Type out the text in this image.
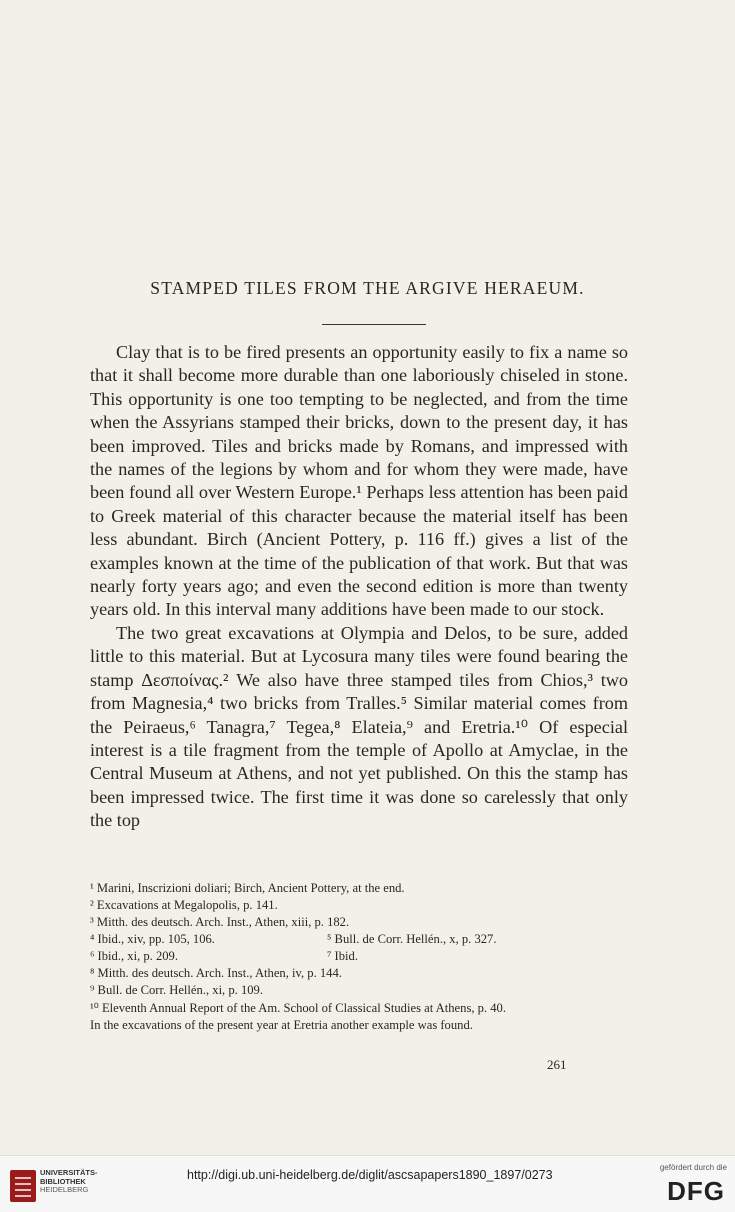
STAMPED TILES FROM THE ARGIVE HERAEUM.

Clay that is to be fired presents an opportunity easily to fix a name so that it shall become more durable than one laboriously chiseled in stone. This opportunity is one too tempting to be neglected, and from the time when the Assyrians stamped their bricks, down to the present day, it has been improved. Tiles and bricks made by Romans, and impressed with the names of the legions by whom and for whom they were made, have been found all over Western Europe.¹ Perhaps less attention has been paid to Greek material of this character because the material itself has been less abundant. Birch (Ancient Pottery, p. 116 ff.) gives a list of the examples known at the time of the publication of that work. But that was nearly forty years ago; and even the second edition is more than twenty years old. In this interval many additions have been made to our stock.

The two great excavations at Olympia and Delos, to be sure, added little to this material. But at Lycosura many tiles were found bearing the stamp Δεσποίνας.² We also have three stamped tiles from Chios,³ two from Magnesia,⁴ two bricks from Tralles.⁵ Similar material comes from the Peiraeus,⁶ Tanagra,⁷ Tegea,⁸ Elateia,⁹ and Eretria.¹⁰ Of especial interest is a tile fragment from the temple of Apollo at Amyclae, in the Central Museum at Athens, and not yet published. On this the stamp has been impressed twice. The first time it was done so carelessly that only the top

¹ Marini, Inscrizioni doliari; Birch, Ancient Pottery, at the end.
² Excavations at Megalopolis, p. 141.
³ Mitth. des deutsch. Arch. Inst., Athen, xiii, p. 182.
⁴ Ibid., xiv, pp. 105, 106.	⁵ Bull. de Corr. Hellén., x, p. 327.
⁶ Ibid., xi, p. 209.	⁷ Ibid.
⁸ Mitth. des deutsch. Arch. Inst., Athen, iv, p. 144.
⁹ Bull. de Corr. Hellén., xi, p. 109.
¹⁰ Eleventh Annual Report of the Am. School of Classical Studies at Athens, p. 40.
In the excavations of the present year at Eretria another example was found.
261
UNIVERSITÄTS-
BIBLIOTHEK
HEIDELBERG
http://digi.ub.uni-heidelberg.de/diglit/ascsapapers1890_1897/0273
gefördert durch die
DFG
